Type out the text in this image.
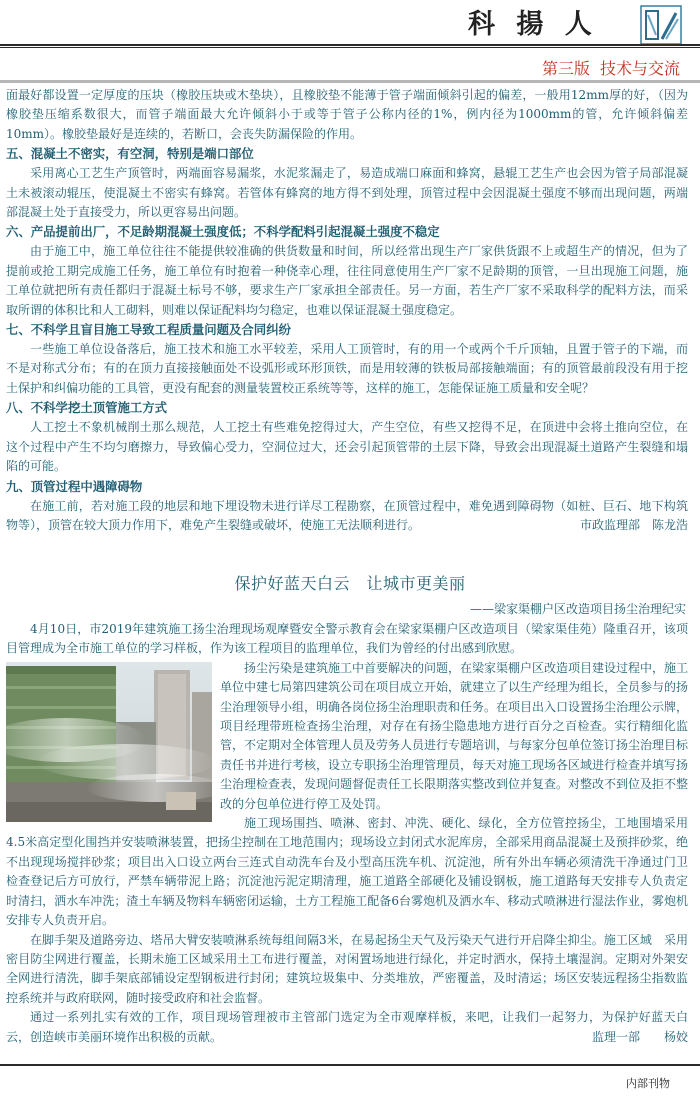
科 揚 人
第三版 技术与交流

面最好都设置一定厚度的压块（橡胶压块或木垫块），且橡胶垫不能薄于管子端面倾斜引起的偏差，一般用12mm厚的好，（因为橡胶垫压缩系数很大，而管子端面最大允许倾斜小于或等于管子公称内径的1%，例内径为1000mm的管，允许倾斜偏差10mm）。橡胶垫最好是连续的，若断口，会丧失防漏保险的作用。

五、混凝土不密实，有空洞，特别是端口部位

采用离心工艺生产顶管时，两端面容易漏浆，水泥浆漏走了，易造成端口麻面和蜂窝，悬辊工艺生产也会因为管子局部混凝土未被滚动辊压，使混凝土不密实有蜂窝。若管体有蜂窝的地方得不到处理，顶管过程中会因混凝土强度不够而出现问题，两端部混凝土处于直接受力，所以更容易出问题。

六、产品提前出厂，不足龄期混凝土强度低；不科学配料引起混凝土强度不稳定

由于施工中，施工单位往往不能提供较准确的供货数量和时间，所以经常出现生产厂家供货跟不上或超生产的情况，但为了提前或抢工期完成施工任务，施工单位有时抱着一种侥幸心理，往往同意使用生产厂家不足龄期的顶管，一旦出现施工问题，施工单位就把所有责任都归于混凝土标号不够，要求生产厂家承担全部责任。另一方面，若生产厂家不采取科学的配料方法，而采取所谓的体积比和人工砌料，则难以保证配料均匀稳定，也难以保证混凝土强度稳定。

七、不科学且盲目施工导致工程质量问题及合同纠纷

一些施工单位设备落后，施工技术和施工水平较差，采用人工顶管时，有的用一个或两个千斤顶轴，且置于管子的下端，而不是对称式分布；有的在顶力直接接触面处不设弧形或环形顶铁，而是用较薄的铁板局部接触端面；有的顶管最前段没有用于挖土保护和纠偏功能的工具管，更没有配套的测量装置校正系统等等，这样的施工，怎能保证施工质量和安全呢？

八、不科学挖土顶管施工方式

人工挖土不象机械削土那么规范，人工挖土有些难免挖得过大，产生空位，有些又挖得不足，在顶进中会将土推向空位，在这个过程中产生不均匀磨擦力，导致偏心受力，空洞位过大，还会引起顶管带的土层下降，导致会出现混凝土道路产生裂缝和塌陷的可能。

九、顶管过程中遇障碍物

在施工前，若对施工段的地层和地下埋设物未进行详尽工程勘察，在顶管过程中，难免遇到障碍物（如桩、巨石、地下构筑物等），顶管在较大顶力作用下，难免产生裂缝或破坏，使施工无法顺利进行。	市政监理部　陈龙浩

保护好蓝天白云　让城市更美丽
——梁家渠棚户区改造项目扬尘治理纪实

4月10日，市2019年建筑施工扬尘治理现场观摩暨安全警示教育会在梁家渠棚户区改造项目（梁家渠佳苑）隆重召开，该项目管理成为全市施工单位的学习样板，作为该工程项目的监理单位，我们为曾经的付出感到欣慰。

扬尘污染是建筑施工中首要解决的问题，在梁家渠棚户区改造项目建设过程中，施工单位中建七局第四建筑公司在项目成立开始，就建立了以生产经理为组长，全员参与的扬尘治理领导小组，明确各岗位扬尘治理职责和任务。在项目出入口设置扬尘治理公示牌，项目经理带班检查扬尘治理，对存在有扬尘隐患地方进行百分之百检查。实行精细化监管，不定期对全体管理人员及劳务人员进行专题培训，与每家分包单位签订扬尘治理目标责任书并进行考核，设立专职扬尘治理管理员，每天对施工现场各区域进行检查并填写扬尘治理检查表，发现问题督促责任工长限期落实整改到位并复查。对整改不到位及拒不整改的分包单位进行停工及处罚。

施工现场围挡、喷淋、密封、冲洗、硬化、绿化，全方位管控扬尘，工地围墙采用4.5米高定型化围挡并安装喷淋装置，把扬尘控制在工地范围内；现场设立封闭式水泥库房，全部采用商品混凝土及预拌砂浆，绝不出现现场搅拌砂浆；项目出入口设立两台三连式自动洗车台及小型高压洗车机、沉淀池，所有外出车辆必须清洗干净通过门卫检查登记后方可放行，严禁车辆带泥上路；沉淀池污泥定期清理，施工道路全部硬化及铺设钢板，施工道路每天安排专人负责定时清扫，洒水车冲洗；渣土车辆及物料车辆密闭运输，土方工程施工配备6台雾炮机及洒水车、移动式喷淋进行湿法作业，雾炮机安排专人负责开启。

在脚手架及道路旁边、塔吊大臂安装喷淋系统每组间隔3米，在易起扬尘天气及污染天气进行开启降尘抑尘。施工区域　采用密目防尘网进行覆盖，长期未施工区域采用土工布进行覆盖，对闲置场地进行绿化，并定时洒水，保持土壤湿润。定期对外架安全网进行清洗，脚手架底部铺设定型钢板进行封闭；建筑垃圾集中、分类堆放，严密覆盖，及时清运；场区安装远程扬尘指数监控系统并与政府联网，随时接受政府和社会监督。

通过一系列扎实有效的工作，项目现场管理被市主管部门选定为全市观摩样板，来吧，让我们一起努力，为保护好蓝天白云，创造峡市美丽环境作出积极的贡献。	监理一部　　杨姣

内部刊物
